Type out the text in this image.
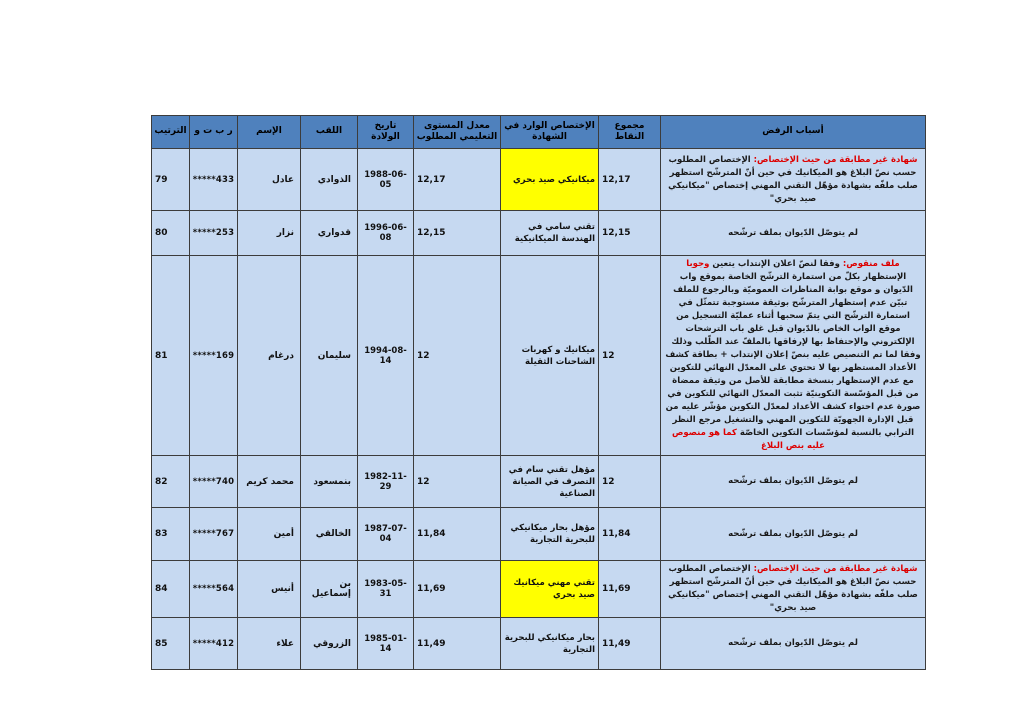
أسباب الرفض	مجموع النقاط	الإختصاص الوارد في الشهادة	معدل المستوى التعليمي المطلوب	تاريخ الولادة	اللقب	الإسم	ر ب ت و	الترتيب
شهادة غير مطابقة من حيث الإختصاص: الإختصاص المطلوب حسب نصّ البلاغ هو الميكانيك في حين أنّ المترشّح استظهر صلب ملفّه بشهادة مؤهّل التقني المهني إختصاص "ميكانيكي صيد بحري"	12,17	ميكانيكي صيد بحري	12,17	1988-06-05	الذوادي	عادل	*****433	79
لم يتوصّل الدّيوان بملف ترشّحه	12,15	تقني سامي في الهندسة الميكانيكية	12,15	1996-06-08	قدواري	نزار	*****253	80
ملف منقوص: وفقا لنصّ اعلان الإنتداب يتعين وجوبا الإستظهار بكلّ من استمارة الترشّح الخاصة بموقع واب الدّيوان و موقع بوابة المناظرات العموميّة وبالرجوع للملف تبيّن عدم إستظهار المترشّح بوثيقة مستوجبة تتمثّل في استمارة الترشّح التي يتمّ سحبها أثناء عمليّة التسجيل من موقع الواب الخاص بالدّيوان قبل غلق باب الترشحات الإلكتروني والإحتفاظ بها لإرفاقها بالملفّ عند الطّلب وذلك وفقا لما تم التنصيص عليه بنصّ إعلان الإنتداب + بطاقة كشف الأعداد المستظهر بها لا تحتوي على المعدّل النهائي للتكوين مع عدم الإستظهار بنسخة مطابقة للأصل من وثيقة ممضاة من قبل المؤسّسة التكوينيّة تثبت المعدّل النهائي للتكوين في صورة عدم احتواء كشف الأعداد لمعدّل التكوين مؤشّر عليه من قبل الإدارة الجهويّة للتكوين المهني والتشغيل مرجع النظر الترابي بالنسبة لمؤسّسات التكوين الخاصّة كما هو منصوص عليه بنص البلاغ	12	ميكانيك و كهربات الشاحنات الثقيلة	12	1994-08-14	سليمان	درغام	*****169	81
لم يتوصّل الدّيوان بملف ترشّحه	12	مؤهل تقني سام في التصرف في الصيانة الصناعية	12	1982-11-29	بنمسعود	محمد كريم	*****740	82
لم يتوصّل الدّيوان بملف ترشّحه	11,84	مؤهل بحار ميكانيكي للبحرية التجارية	11,84	1987-07-04	الخالقي	أمين	*****767	83
شهادة غير مطابقة من حيث الإختصاص: الإختصاص المطلوب حسب نصّ البلاغ هو الميكانيك في حين أنّ المترشّح استظهر صلب ملفّه بشهادة مؤهّل التقني المهني إختصاص "ميكانيكي صيد بحري"	11,69	تقني مهني ميكانيك صيد بحري	11,69	1983-05-31	بن إسماعيل	أنيس	*****564	84
لم يتوصّل الدّيوان بملف ترشّحه	11,49	بحار ميكانيكي للبحرية التجارية	11,49	1985-01-14	الزروقي	علاء	*****412	85
